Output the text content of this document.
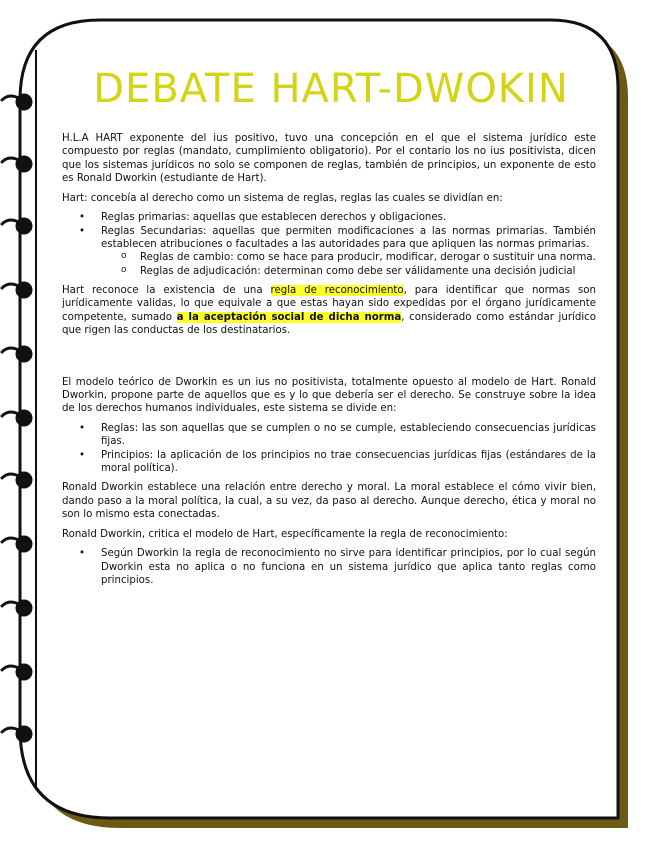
DEBATE HART-DWOKIN

H.L.A HART exponente del ius positivo, tuvo una concepción en el que el sistema jurídico este compuesto por reglas (mandato, cumplimiento obligatorio). Por el contario los no ius positivista, dicen que los sistemas jurídicos no solo se componen de reglas, también de principios, un exponente de esto es Ronald Dworkin (estudiante de Hart).

Hart: concebía al derecho como un sistema de reglas, reglas las cuales se dividían en:

• Reglas primarias: aquellas que establecen derechos y obligaciones.
• Reglas Secundarias: aquellas que permiten modificaciones a las normas primarias. También establecen atribuciones o facultades a las autoridades para que apliquen las normas primarias.
o Reglas de cambio: como se hace para producir, modificar, derogar o sustituir una norma.
o Reglas de adjudicación: determinan como debe ser válidamente una decisión judicial

Hart reconoce la existencia de una regla de reconocimiento, para identificar que normas son jurídicamente validas, lo que equivale a que estas hayan sido expedidas por el órgano jurídicamente competente, sumado a la aceptación social de dicha norma, considerado como estándar jurídico que rigen las conductas de los destinatarios.

El modelo teórico de Dworkin es un ius no positivista, totalmente opuesto al modelo de Hart. Ronald Dworkin, propone parte de aquellos que es y lo que debería ser el derecho. Se construye sobre la idea de los derechos humanos individuales, este sistema se divide en:

• Reglas: las son aquellas que se cumplen o no se cumple, estableciendo consecuencias jurídicas fijas.
• Principios: la aplicación de los principios no trae consecuencias jurídicas fijas (estándares de la moral política).

Ronald Dworkin establece una relación entre derecho y moral. La moral establece el cómo vivir bien, dando paso a la moral política, la cual, a su vez, da paso al derecho. Aunque derecho, ética y moral no son lo mismo esta conectadas.

Ronald Dworkin, critica el modelo de Hart, específicamente la regla de reconocimiento:

• Según Dworkin la regla de reconocimiento no sirve para identificar principios, por lo cual según Dworkin esta no aplica o no funciona en un sistema jurídico que aplica tanto reglas como principios.
